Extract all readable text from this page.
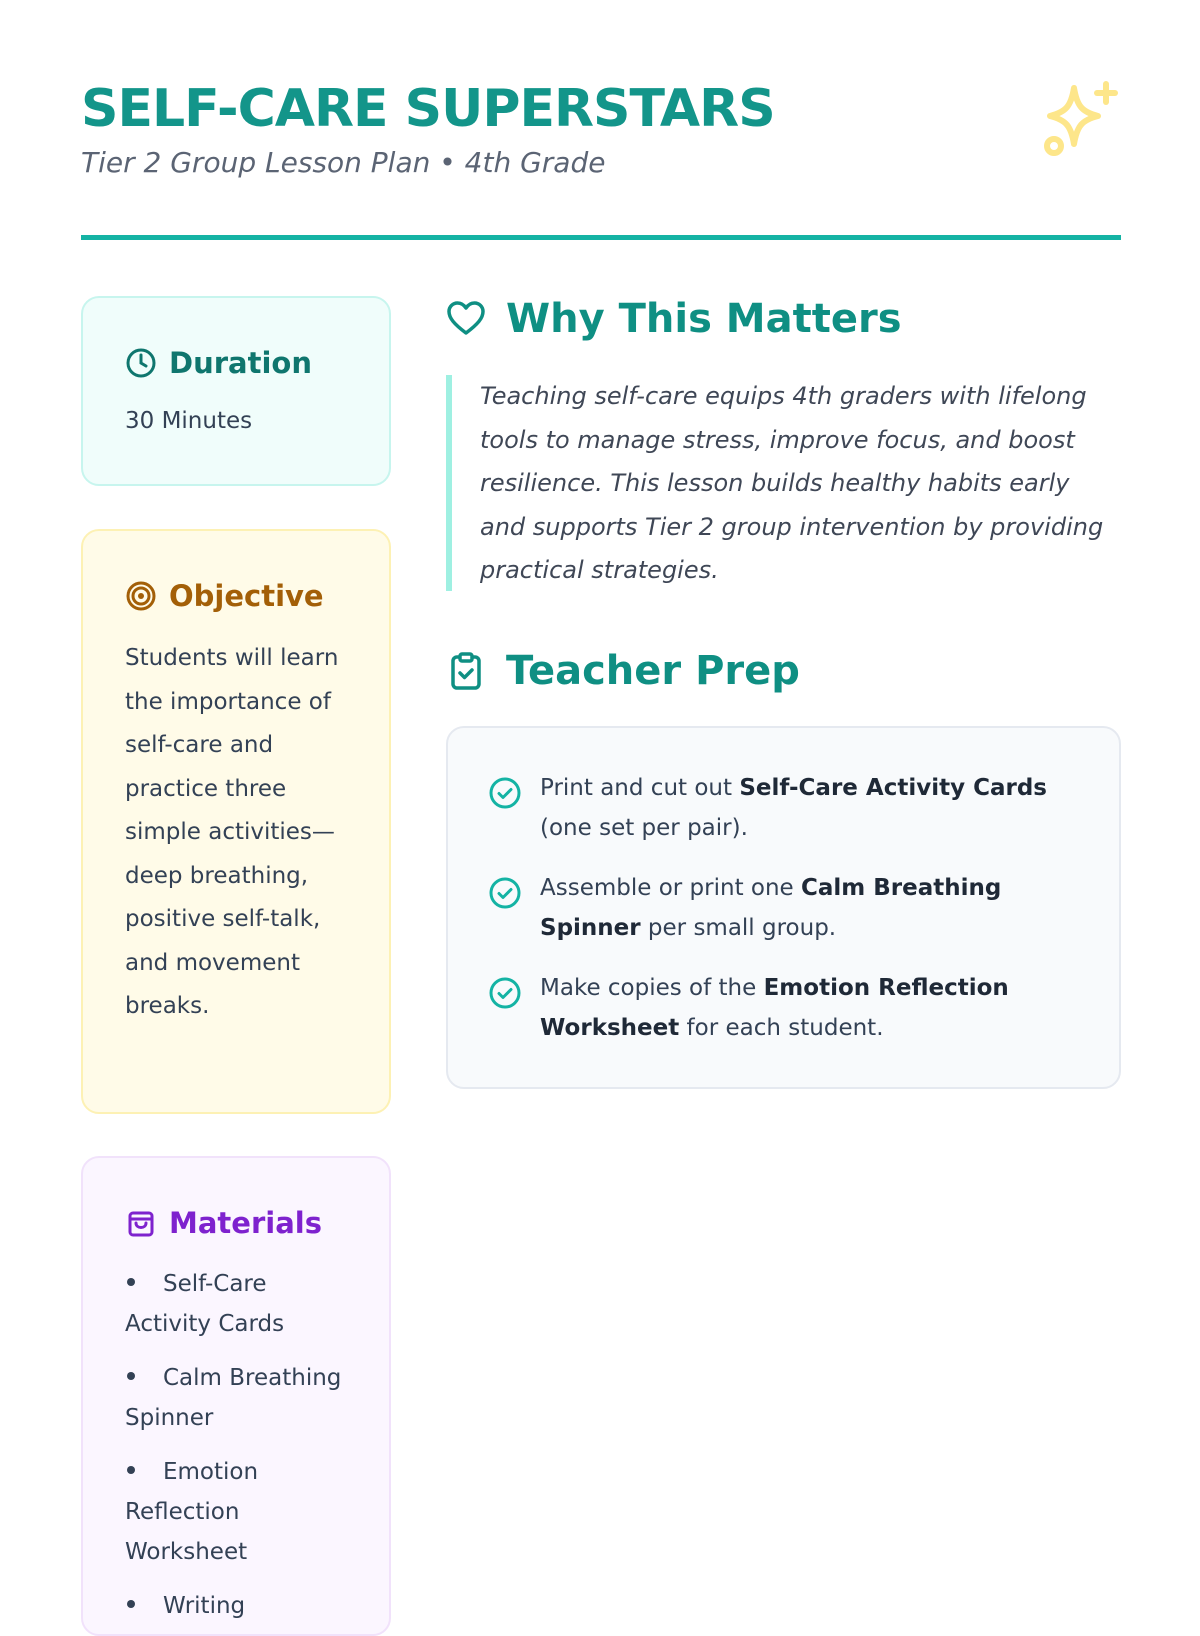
SELF-CARE SUPERSTARS
Tier 2 Group Lesson Plan • 4th Grade
Duration
30 Minutes
Objective
Students will learn the importance of self-care and practice three simple activities—deep breathing, positive self-talk, and movement breaks.
Materials
Self-Care Activity Cards
Calm Breathing Spinner
Emotion Reflection Worksheet
Writing
Why This Matters

Teaching self-care equips 4th graders with lifelong tools to manage stress, improve focus, and boost resilience. This lesson builds healthy habits early and supports Tier 2 group intervention by providing practical strategies.

Teacher Prep
Print and cut out Self-Care Activity Cards (one set per pair).
Assemble or print one Calm Breathing Spinner per small group.
Make copies of the Emotion Reflection Worksheet for each student.
